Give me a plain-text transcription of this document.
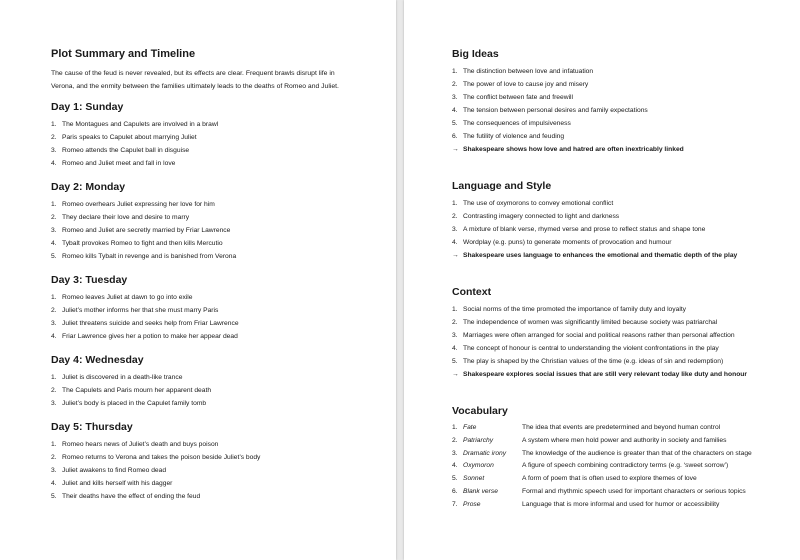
Plot Summary and Timeline
The cause of the feud is never revealed, but its effects are clear. Frequent brawls disrupt life in Verona, and the enmity between the families ultimately leads to the deaths of Romeo and Juliet.
Day 1: Sunday
1. The Montagues and Capulets are involved in a brawl
2. Paris speaks to Capulet about marrying Juliet
3. Romeo attends the Capulet ball in disguise
4. Romeo and Juliet meet and fall in love
Day 2: Monday
1. Romeo overhears Juliet expressing her love for him
2. They declare their love and desire to marry
3. Romeo and Juliet are secretly married by Friar Lawrence
4. Tybalt provokes Romeo to fight and then kills Mercutio
5. Romeo kills Tybalt in revenge and is banished from Verona
Day 3: Tuesday
1. Romeo leaves Juliet at dawn to go into exile
2. Juliet’s mother informs her that she must marry Paris
3. Juliet threatens suicide and seeks help from Friar Lawrence
4. Friar Lawrence gives her a potion to make her appear dead
Day 4: Wednesday
1. Juliet is discovered in a death-like trance
2. The Capulets and Paris mourn her apparent death
3. Juliet’s body is placed in the Capulet family tomb
Day 5: Thursday
1. Romeo hears news of Juliet’s death and buys poison
2. Romeo returns to Verona and takes the poison beside Juliet’s body
3. Juliet awakens to find Romeo dead
4. Juliet and kills herself with his dagger
5. Their deaths have the effect of ending the feud
Big Ideas
1. The distinction between love and infatuation
2. The power of love to cause joy and misery
3. The conflict between fate and freewill
4. The tension between personal desires and family expectations
5. The consequences of impulsiveness
6. The futility of violence and feuding
→ Shakespeare shows how love and hatred are often inextricably linked
Language and Style
1. The use of oxymorons to convey emotional conflict
2. Contrasting imagery connected to light and darkness
3. A mixture of blank verse, rhymed verse and prose to reflect status and shape tone
4. Wordplay (e.g. puns) to generate moments of provocation and humour
→ Shakespeare uses language to enhances the emotional and thematic depth of the play
Context
1. Social norms of the time promoted the importance of family duty and loyalty
2. The independence of women was significantly limited because society was patriarchal
3. Marriages were often arranged for social and political reasons rather than personal affection
4. The concept of honour is central to understanding the violent confrontations in the play
5. The play is shaped by the Christian values of the time (e.g. ideas of sin and redemption)
→ Shakespeare explores social issues that are still very relevant today like duty and honour
Vocabulary
1.	Fate	The idea that events are predetermined and beyond human control
2.	Patriarchy	A system where men hold power and authority in society and families
3.	Dramatic irony	The knowledge of the audience is greater than that of the characters on stage
4.	Oxymoron	A figure of speech combining contradictory terms (e.g. ‘sweet sorrow’)
5.	Sonnet	A form of poem that is often used to explore themes of love
6.	Blank verse	Formal and rhythmic speech used for important characters or serious topics
7.	Prose	Language that is more informal and used for humor or accessibility
